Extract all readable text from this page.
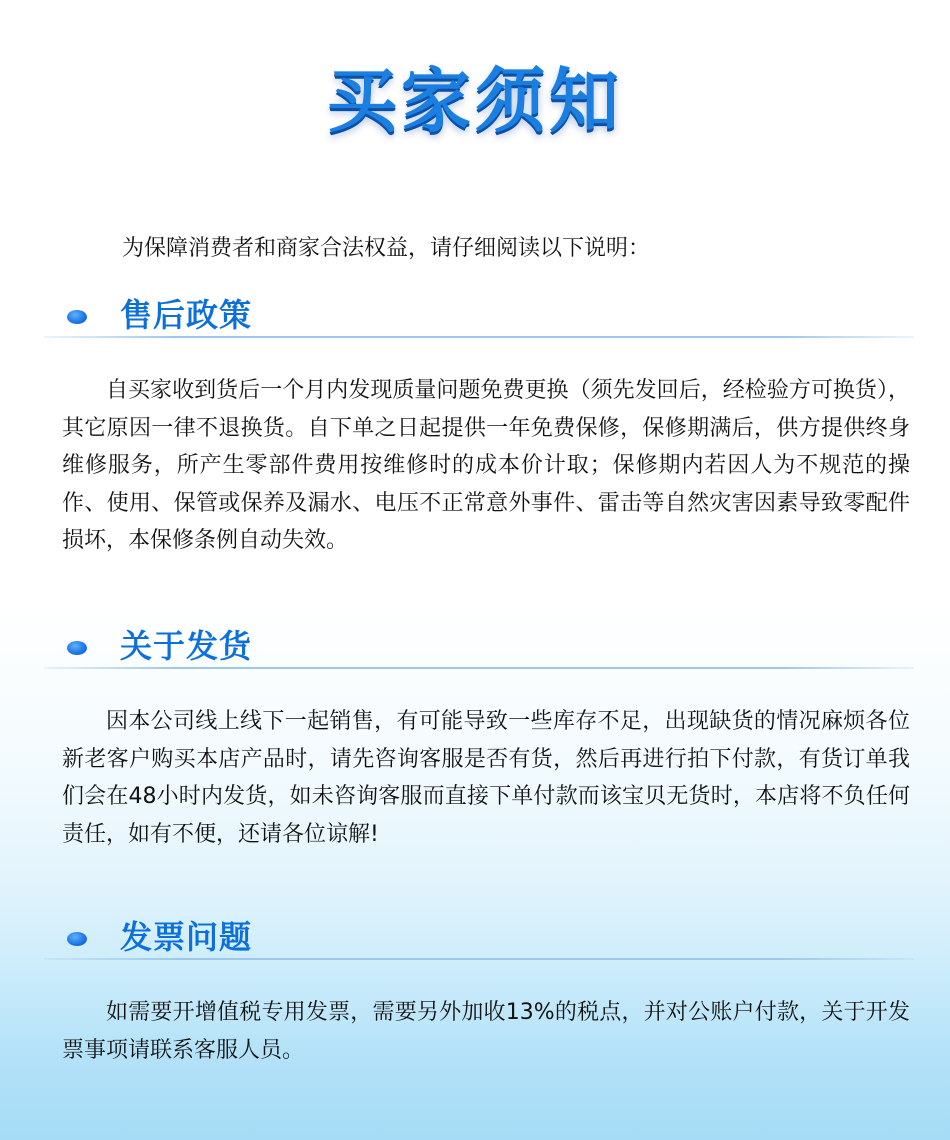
买家须知

为保障消费者和商家合法权益，请仔细阅读以下说明：

售后政策

自买家收到货后一个月内发现质量问题免费更换（须先发回后，经检验方可换货），其它原因一律不退换货。自下单之日起提供一年免费保修，保修期满后，供方提供终身维修服务，所产生零部件费用按维修时的成本价计取；保修期内若因人为不规范的操作、使用、保管或保养及漏水、电压不正常意外事件、雷击等自然灾害因素导致零配件损坏，本保修条例自动失效。

关于发货

因本公司线上线下一起销售，有可能导致一些库存不足，出现缺货的情况麻烦各位新老客户购买本店产品时，请先咨询客服是否有货，然后再进行拍下付款，有货订单我们会在48小时内发货，如未咨询客服而直接下单付款而该宝贝无货时，本店将不负任何责任，如有不便，还请各位谅解!

发票问题

如需要开增值税专用发票，需要另外加收13%的税点，并对公账户付款，关于开发票事项请联系客服人员。
